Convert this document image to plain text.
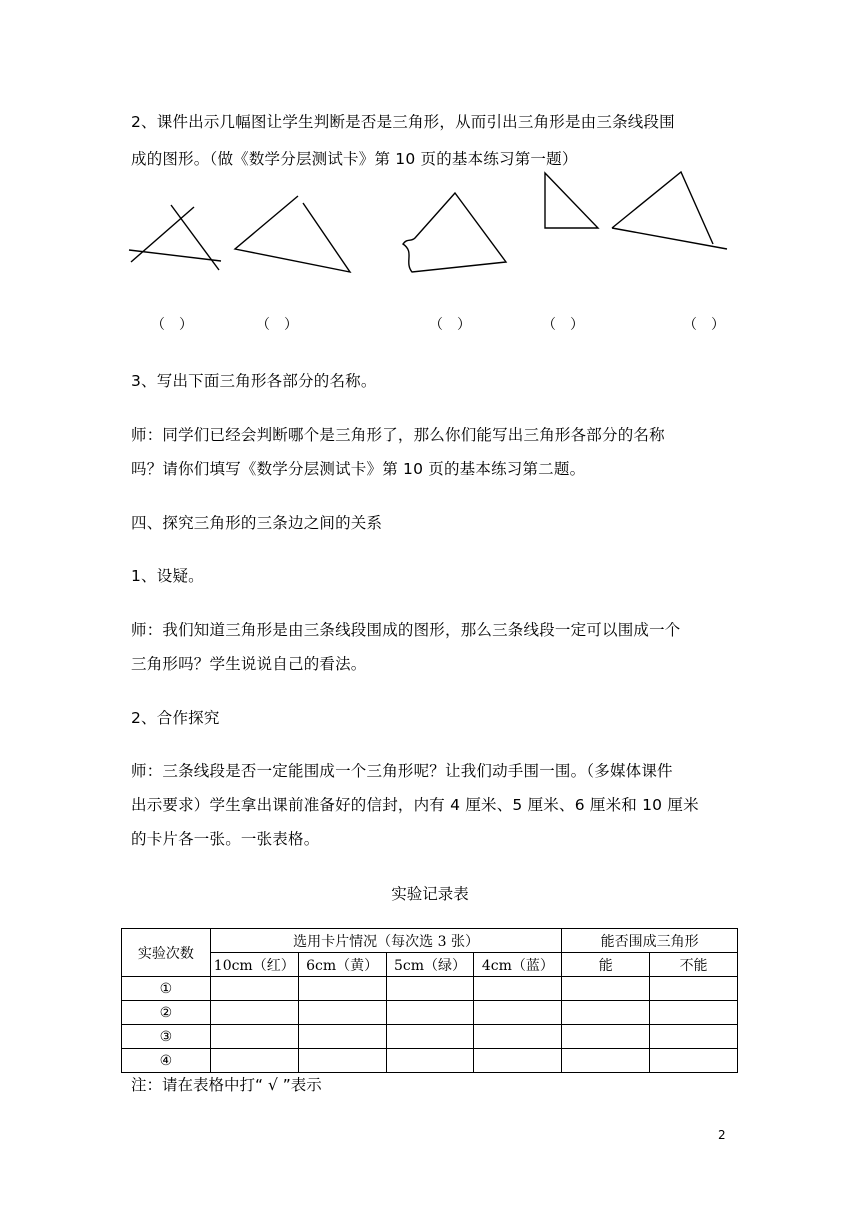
2、课件出示几幅图让学生判断是否是三角形，从而引出三角形是由三条线段围
成的图形。（做《数学分层测试卡》第 10 页的基本练习第一题）
（　）	（　）	（　）	（　）	（　）
3、写出下面三角形各部分的名称。
师：同学们已经会判断哪个是三角形了，那么你们能写出三角形各部分的名称
吗？请你们填写《数学分层测试卡》第 10 页的基本练习第二题。
四、探究三角形的三条边之间的关系
1、设疑。
师：我们知道三角形是由三条线段围成的图形，那么三条线段一定可以围成一个
三角形吗？学生说说自己的看法。
2、合作探究
师：三条线段是否一定能围成一个三角形呢？让我们动手围一围。（多媒体课件
出示要求）学生拿出课前准备好的信封，内有 4 厘米、5 厘米、6 厘米和 10 厘米
的卡片各一张。一张表格。
实验记录表
实验次数	选用卡片情况（每次选 3 张）				能否围成三角形	
	10cm（红）	6cm（黄）	5cm（绿）	4cm（蓝）	能	不能
①						
②						
③						
④						
注：请在表格中打“ √ ”表示
2
